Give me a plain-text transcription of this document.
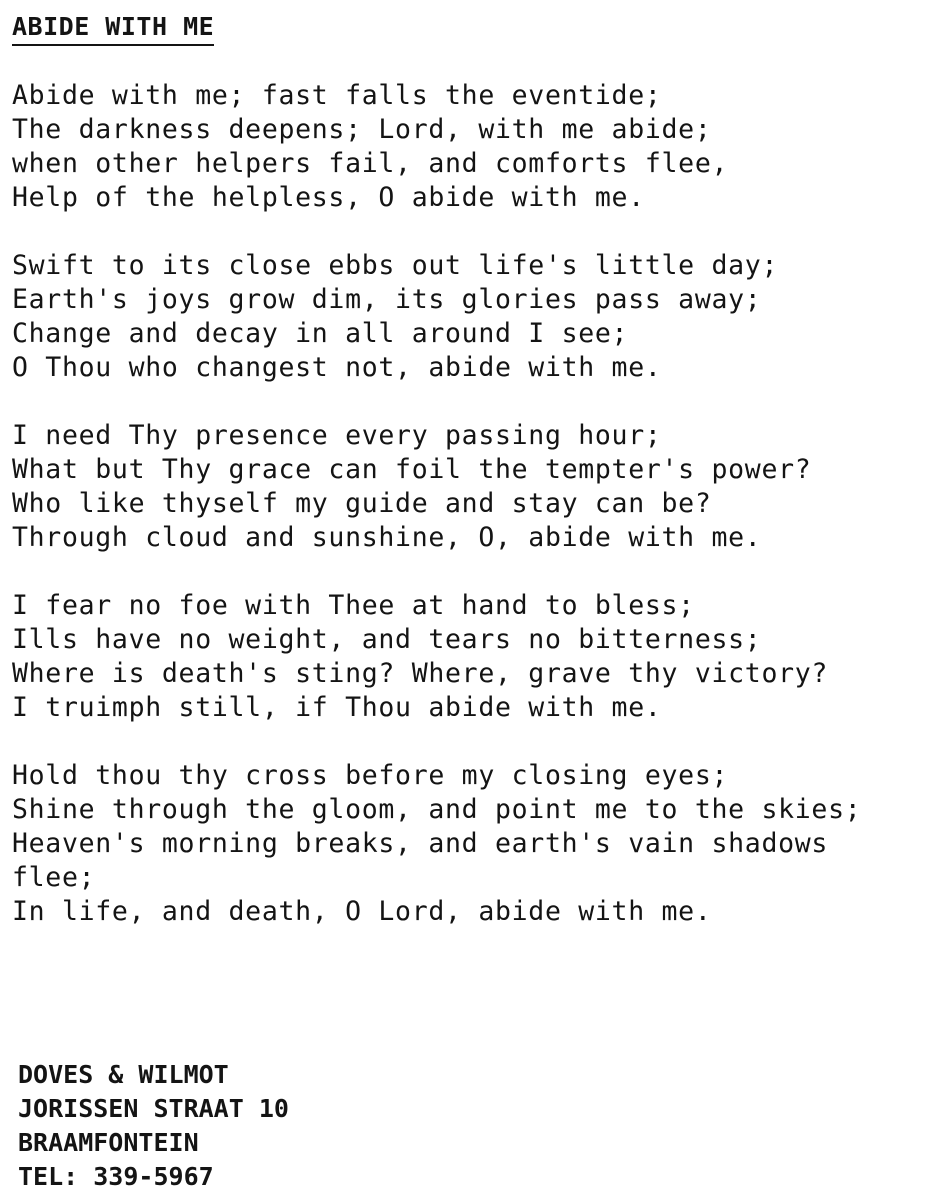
ABIDE WITH ME
Abide with me; fast falls the eventide;
The darkness deepens; Lord, with me abide;
when other helpers fail, and comforts flee,
Help of the helpless, O abide with me.
Swift to its close ebbs out life's little day;
Earth's joys grow dim, its glories pass away;
Change and decay in all around I see;
O Thou who changest not, abide with me.
I need Thy presence every passing hour;
What but Thy grace can foil the tempter's power?
Who like thyself my guide and stay can be?
Through cloud and sunshine, O, abide with me.
I fear no foe with Thee at hand to bless;
Ills have no weight, and tears no bitterness;
Where is death's sting? Where, grave thy victory?
I truimph still, if Thou abide with me.
Hold thou thy cross before my closing eyes;
Shine through the gloom, and point me to the skies;
Heaven's morning breaks, and earth's vain shadows flee;
In life, and death, O Lord, abide with me.
DOVES & WILMOT
JORISSEN STRAAT 10
BRAAMFONTEIN
TEL: 339-5967
